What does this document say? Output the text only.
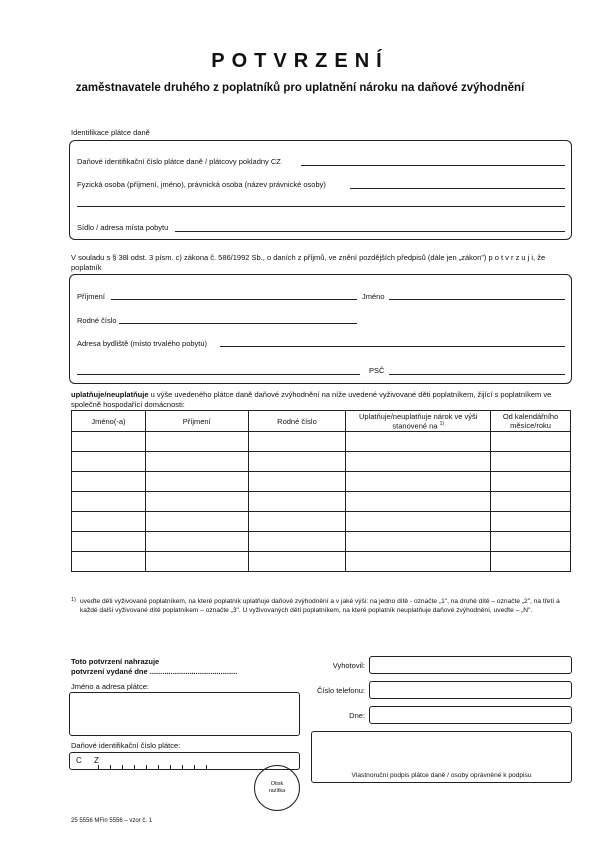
POTVRZENÍ
zaměstnavatele druhého z poplatníků pro uplatnění nároku na daňové zvýhodnění
Identifikace plátce daně
Daňové identifikační číslo plátce daně / plátcovy pokladny CZ
Fyzická osoba (příjmení, jméno), právnická osoba (název právnické osoby)
Sídlo / adresa místa pobytu
V souladu s § 38l odst. 3 písm. c) zákona č. 586/1992 Sb., o daních z příjmů, ve znění pozdějších předpisů (dále jen „zákon") p o t v r z u j i, že poplatník
Příjmení	Jméno
Rodné číslo
Adresa bydliště (místo trvalého pobytu)
PSČ
uplatňuje/neuplatňuje u výše uvedeného plátce daně daňové zvýhodnění na níže uvedené vyživované děti poplatníkem, žijící s poplatníkem ve společně hospodařící domácnosti:
Jméno(-a)	Příjmení	Rodné číslo	Uplatňuje/neuplatňuje nárok ve výši stanovené na $^{1)}$	Od kalendářního měsíce/roku

1) uveďte děti vyživované poplatníkem, na které poplatník uplatňuje daňové zvýhodnění a v jaké výši: na jedno dítě - označte „1", na druhé dítě – označte „2", na třetí a každé další vyživované dítě poplatníkem – označte „3". U vyživovaných dětí poplatníkem, na které poplatník neuplatňuje daňové zvýhodnění, uveďte – „N".
Toto potvrzení nahrazuje
potvrzení vydané dne ..........................................
Jméno a adresa plátce:
Daňové identifikační číslo plátce:
C Z
Otisk
razítka
Vyhotovil:
Číslo telefonu:
Dne:
Vlastnoruční podpis plátce daně / osoby oprávněné k podpisu
25 5556 MFin 5556 – vzor č. 1
